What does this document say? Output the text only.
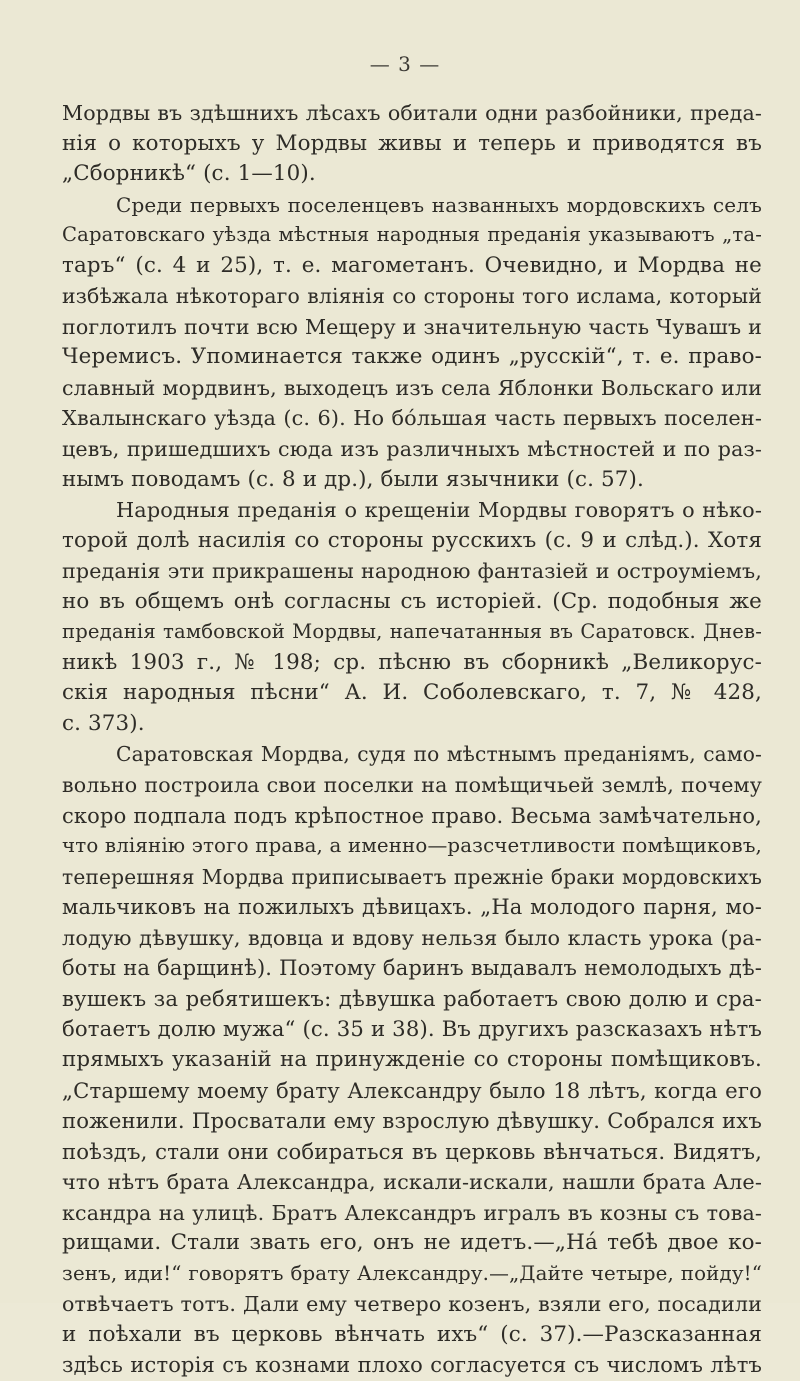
— 3 —
Мордвы въ здѣшнихъ лѣсахъ обитали одни разбойники, преда-
нія о которыхъ у Мордвы живы и теперь и приводятся въ
„Сборникѣ“ (с. 1—10).
Среди первыхъ поселенцевъ названныхъ мордовскихъ селъ
Саратовскаго уѣзда мѣстныя народныя преданія указываютъ „та-
таръ“ (с. 4 и 25), т. е. магометанъ. Очевидно, и Мордва не
избѣжала нѣкотораго вліянія со стороны того ислама, который
поглотилъ почти всю Мещеру и значительную часть Чувашъ и
Черемисъ. Упоминается также одинъ „русскій“, т. е. право-
славный мордвинъ, выходецъ изъ села Яблонки Вольскаго или
Хвалынскаго уѣзда (с. 6). Но бо́льшая часть первыхъ поселен-
цевъ, пришедшихъ сюда изъ различныхъ мѣстностей и по раз-
нымъ поводамъ (с. 8 и др.), были язычники (с. 57).
Народныя преданія о крещеніи Мордвы говорятъ о нѣко-
торой долѣ насилія со стороны русскихъ (с. 9 и слѣд.). Хотя
преданія эти прикрашены народною фантазіей и остроуміемъ,
но въ общемъ онѣ согласны съ исторіей. (Ср. подобныя же
преданія тамбовской Мордвы, напечатанныя въ Саратовск. Днев-
никѣ 1903 г., № 198; ср. пѣсню въ сборникѣ „Великорус-
скія народныя пѣсни“ А. И. Соболевскаго, т. 7, № 428,
с. 373).
Саратовская Мордва, судя по мѣстнымъ преданіямъ, само-
вольно построила свои поселки на помѣщичьей землѣ, почему
скоро подпала подъ крѣпостное право. Весьма замѣчательно,
что вліянію этого права, а именно—разсчетливости помѣщиковъ,
теперешняя Мордва приписываетъ прежніе браки мордовскихъ
мальчиковъ на пожилыхъ дѣвицахъ. „На молодого парня, мо-
лодую дѣвушку, вдовца и вдову нельзя было класть урока (ра-
боты на барщинѣ). Поэтому баринъ выдавалъ немолодыхъ дѣ-
вушекъ за ребятишекъ: дѣвушка работаетъ свою долю и сра-
ботаетъ долю мужа“ (с. 35 и 38). Въ другихъ разсказахъ нѣтъ
прямыхъ указаній на принужденіе со стороны помѣщиковъ.
„Старшему моему брату Александру было 18 лѣтъ, когда его
поженили. Просватали ему взрослую дѣвушку. Собрался ихъ
поѣздъ, стали они собираться въ церковь вѣнчаться. Видятъ,
что нѣтъ брата Александра, искали-искали, нашли брата Але-
ксандра на улицѣ. Братъ Александръ игралъ въ козны съ това-
рищами. Стали звать его, онъ не идетъ.—„На́ тебѣ двое ко-
зенъ, иди!“ говорятъ брату Александру.—„Дайте четыре, пойду!“
отвѣчаетъ тотъ. Дали ему четверо козенъ, взяли его, посадили
и поѣхали въ церковь вѣнчать ихъ“ (с. 37).—Разсказанная
здѣсь исторія съ кознами плохо согласуется съ числомъ лѣтъ
